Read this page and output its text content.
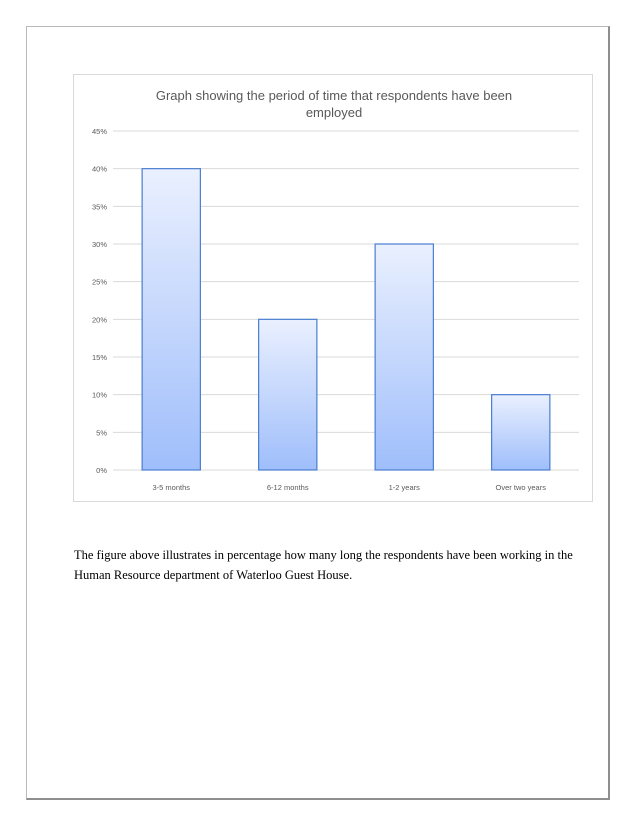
Graph showing the period of time that respondents have been
employed
0%
5%
10%
15%
20%
25%
30%
35%
40%
45%
3-5 months	6-12 months	1-2 years	Over two years

The figure above illustrates in percentage how many long the respondents have been working in the Human Resource department of Waterloo Guest House.
